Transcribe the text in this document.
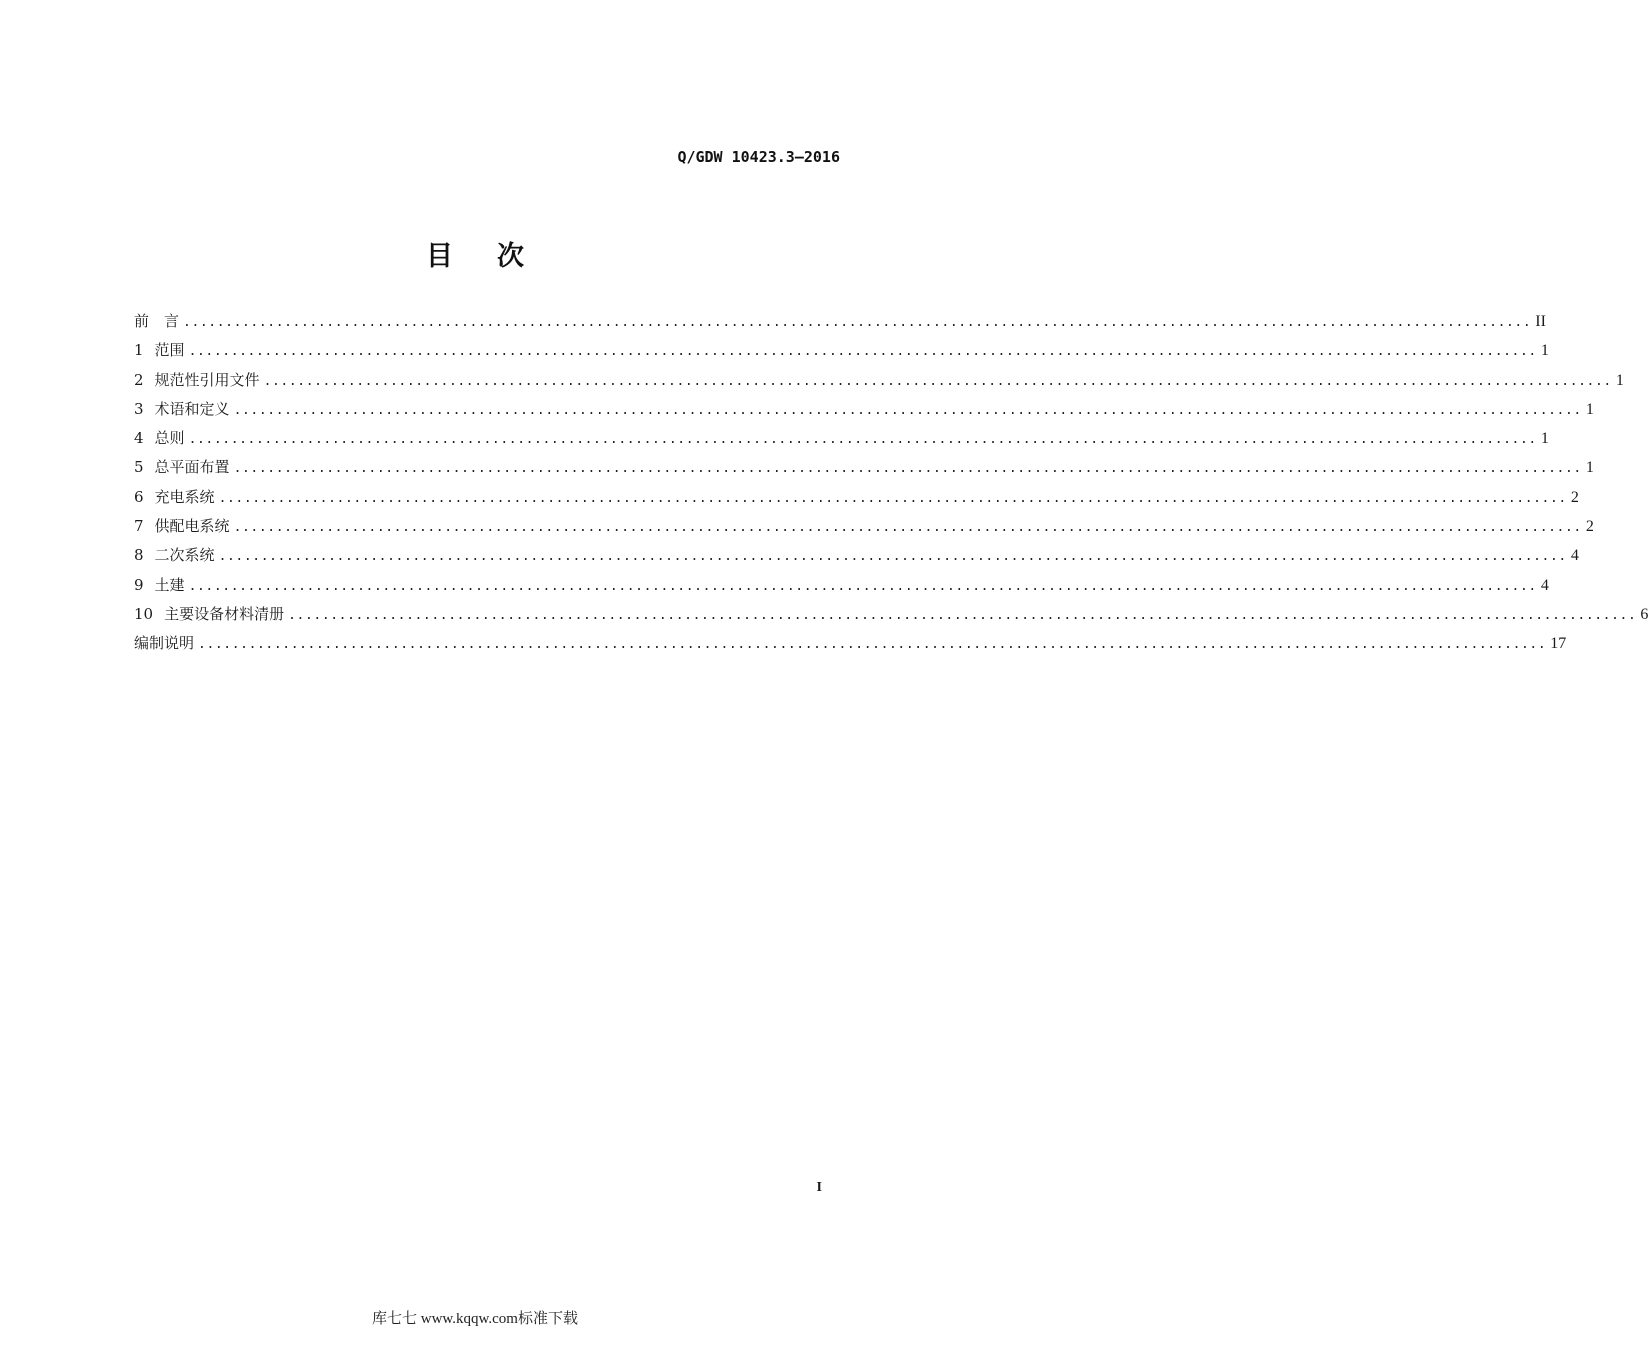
Q/GDW 10423.3—2016
目 次
前　言 ................................................................................................................................................................ II
1 范围 ................................................................................................................................................................ 1
2 规范性引用文件 ................................................................................................................................................................ 1
3 术语和定义 ................................................................................................................................................................ 1
4 总则 ................................................................................................................................................................ 1
5 总平面布置 ................................................................................................................................................................ 1
6 充电系统 ................................................................................................................................................................ 2
7 供配电系统 ................................................................................................................................................................ 2
8 二次系统 ................................................................................................................................................................ 4
9 土建 ................................................................................................................................................................ 4
10 主要设备材料清册 ................................................................................................................................................................ 6
编制说明 ................................................................................................................................................................ 17
I
库七七 www.kqqw.com标准下载
